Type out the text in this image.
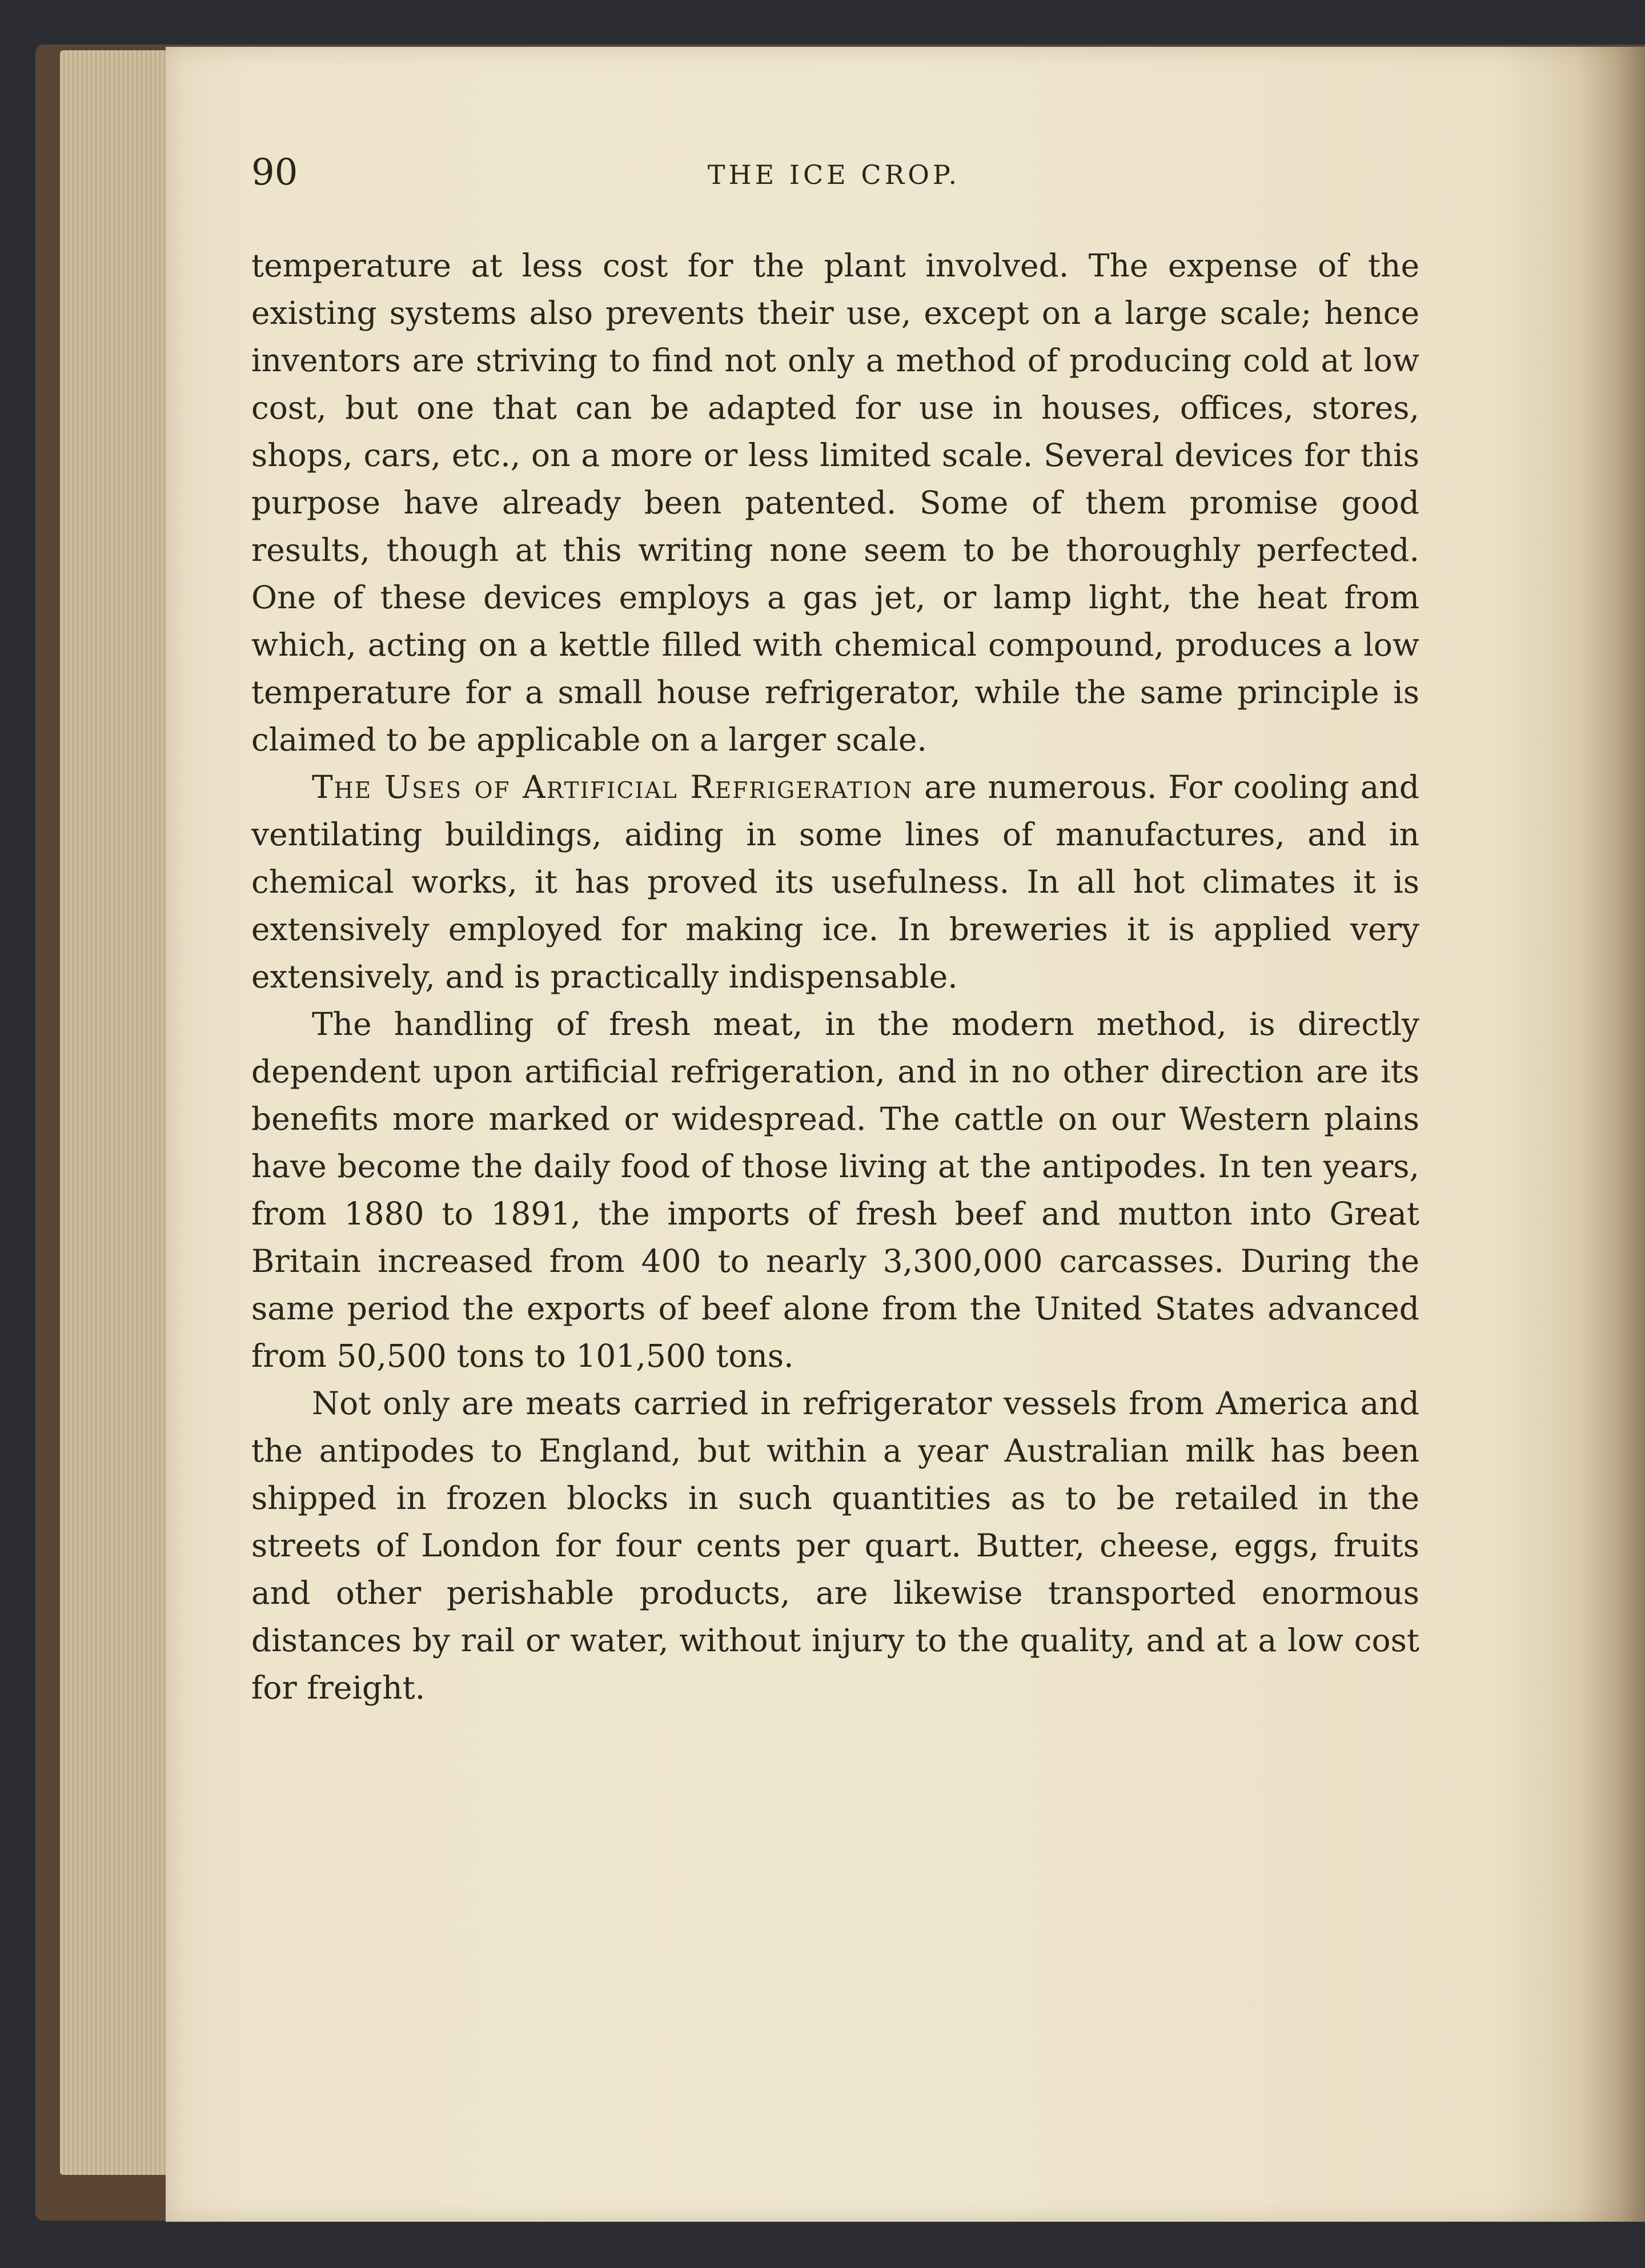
90	THE ICE CROP.

temperature at less cost for the plant involved. The expense of the existing systems also prevents their use, except on a large scale; hence inventors are striving to find not only a method of producing cold at low cost, but one that can be adapted for use in houses, offices, stores, shops, cars, etc., on a more or less limited scale. Several devices for this purpose have already been patented. Some of them promise good results, though at this writing none seem to be thoroughly perfected. One of these devices employs a gas jet, or lamp light, the heat from which, acting on a kettle filled with chemical compound, produces a low temperature for a small house refrigerator, while the same principle is claimed to be applicable on a larger scale.

The Uses of Artificial Refrigeration are numerous. For cooling and ventilating buildings, aiding in some lines of manufactures, and in chemical works, it has proved its usefulness. In all hot climates it is extensively employed for making ice. In breweries it is applied very extensively, and is practically indispensable.

The handling of fresh meat, in the modern method, is directly dependent upon artificial refrigeration, and in no other direction are its benefits more marked or widespread. The cattle on our Western plains have become the daily food of those living at the antipodes. In ten years, from 1880 to 1891, the imports of fresh beef and mutton into Great Britain increased from 400 to nearly 3,300,000 carcasses. During the same period the exports of beef alone from the United States advanced from 50,500 tons to 101,500 tons.

Not only are meats carried in refrigerator vessels from America and the antipodes to England, but within a year Australian milk has been shipped in frozen blocks in such quantities as to be retailed in the streets of London for four cents per quart. Butter, cheese, eggs, fruits and other perishable products, are likewise transported enormous distances by rail or water, without injury to the quality, and at a low cost for freight.
